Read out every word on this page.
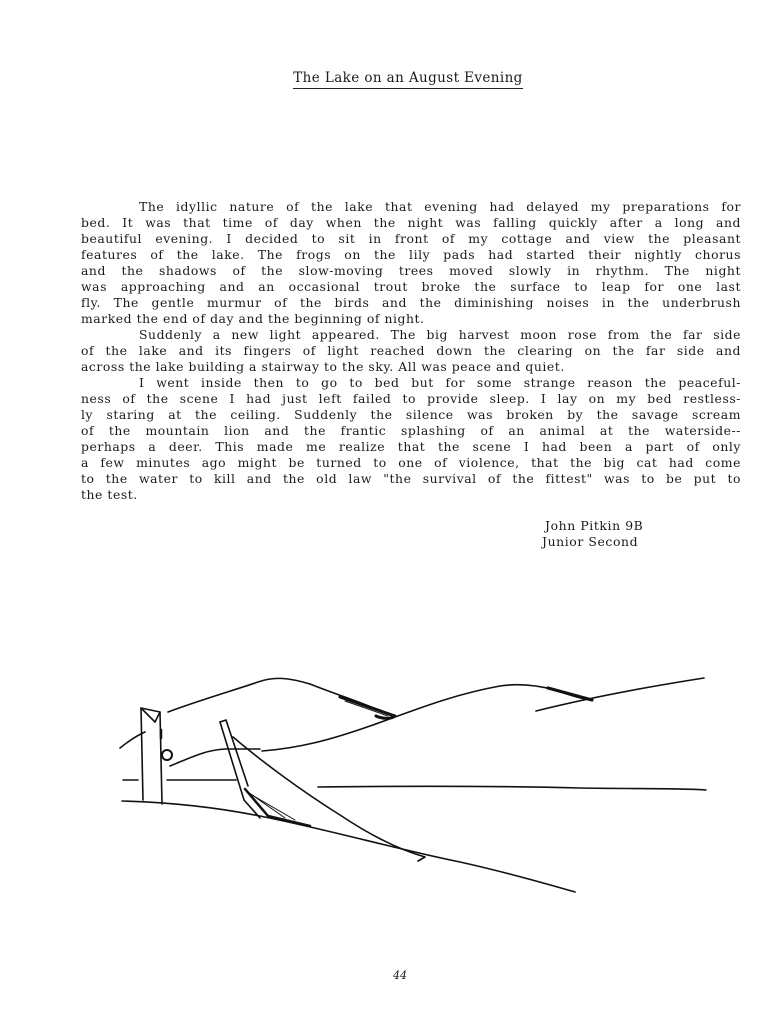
The Lake on an August Evening
The idyllic nature of the lake that evening had delayed my preparations for
bed. It was that time of day when the night was falling quickly after a long and
beautiful evening. I decided to sit in front of my cottage and view the pleasant
features of the lake. The frogs on the lily pads had started their nightly chorus
and the shadows of the slow-moving trees moved slowly in rhythm. The night
was approaching and an occasional trout broke the surface to leap for one last
fly. The gentle murmur of the birds and the diminishing noises in the underbrush
marked the end of day and the beginning of night.
Suddenly a new light appeared. The big harvest moon rose from the far side
of the lake and its fingers of light reached down the clearing on the far side and
across the lake building a stairway to the sky. All was peace and quiet.
I went inside then to go to bed but for some strange reason the peaceful-
ness of the scene I had just left failed to provide sleep. I lay on my bed restless-
ly staring at the ceiling. Suddenly the silence was broken by the savage scream
of the mountain lion and the frantic splashing of an animal at the waterside--
perhaps a deer. This made me realize that the scene I had been a part of only
a few minutes ago might be turned to one of violence, that the big cat had come
to the water to kill and the old law "the survival of the fittest" was to be put to
the test.
John Pitkin 9B
Junior Second
44
